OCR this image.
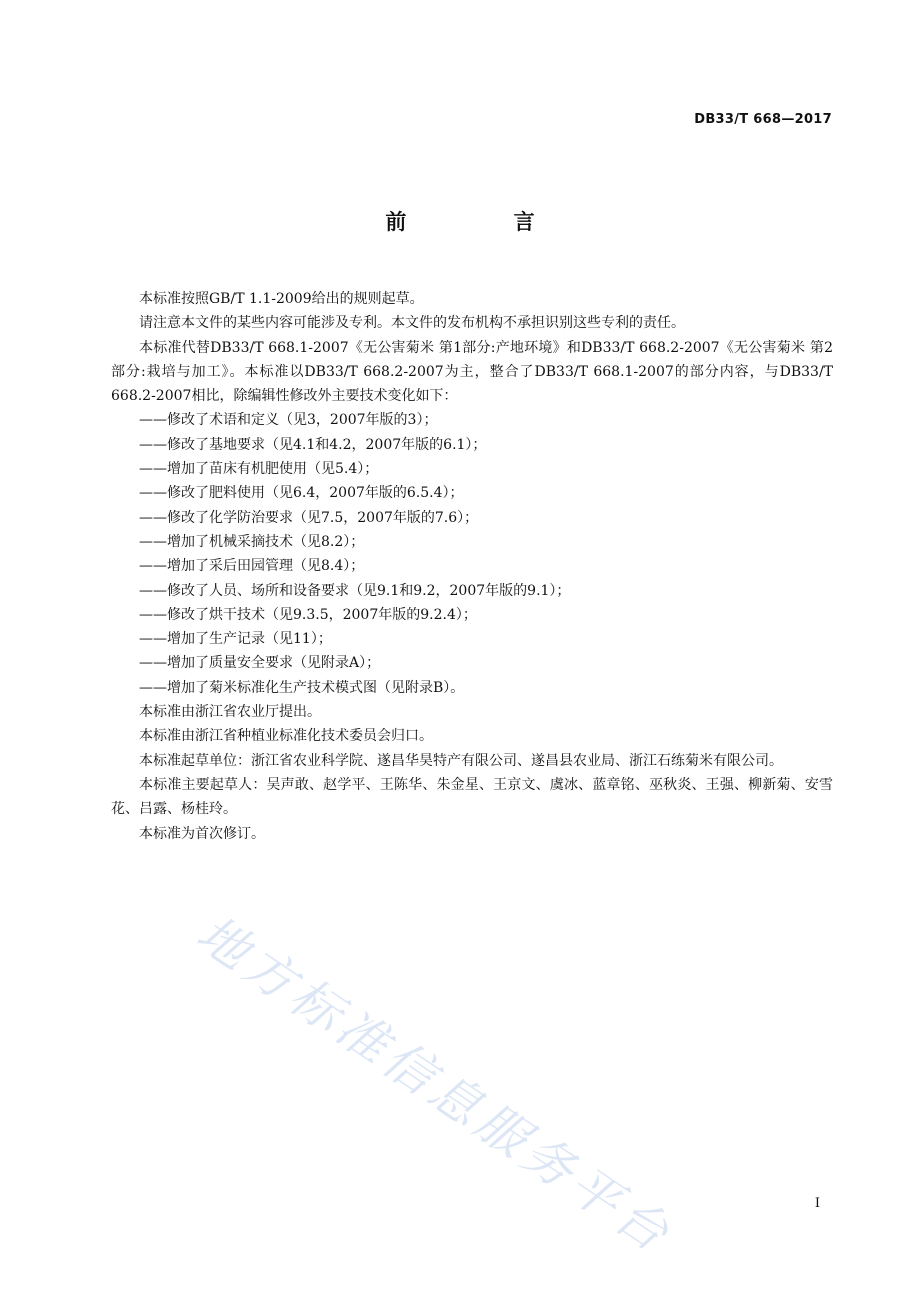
DB33/T 668—2017
前 言

本标准按照GB/T 1.1-2009给出的规则起草。

请注意本文件的某些内容可能涉及专利。本文件的发布机构不承担识别这些专利的责任。

本标准代替DB33/T 668.1-2007《无公害菊米 第1部分:产地环境》和DB33/T 668.2-2007《无公害菊米 第2部分:栽培与加工》。本标准以DB33/T 668.2-2007为主，整合了DB33/T 668.1-2007的部分内容，与DB33/T 668.2-2007相比，除编辑性修改外主要技术变化如下：

——修改了术语和定义（见3，2007年版的3）；

——修改了基地要求（见4.1和4.2，2007年版的6.1）；

——增加了苗床有机肥使用（见5.4）；

——修改了肥料使用（见6.4，2007年版的6.5.4）；

——修改了化学防治要求（见7.5，2007年版的7.6）；

——增加了机械采摘技术（见8.2）；

——增加了采后田园管理（见8.4）；

——修改了人员、场所和设备要求（见9.1和9.2，2007年版的9.1）；

——修改了烘干技术（见9.3.5，2007年版的9.2.4）；

——增加了生产记录（见11）；

——增加了质量安全要求（见附录A）；

——增加了菊米标准化生产技术模式图（见附录B）。

本标准由浙江省农业厅提出。

本标准由浙江省种植业标准化技术委员会归口。

本标准起草单位：浙江省农业科学院、遂昌华昊特产有限公司、遂昌县农业局、浙江石练菊米有限公司。

本标准主要起草人：吴声敢、赵学平、王陈华、朱金星、王京文、虞冰、蓝章铭、巫秋炎、王强、柳新菊、安雪花、吕露、杨桂玲。

本标准为首次修订。

地方标准信息服务平台	I
